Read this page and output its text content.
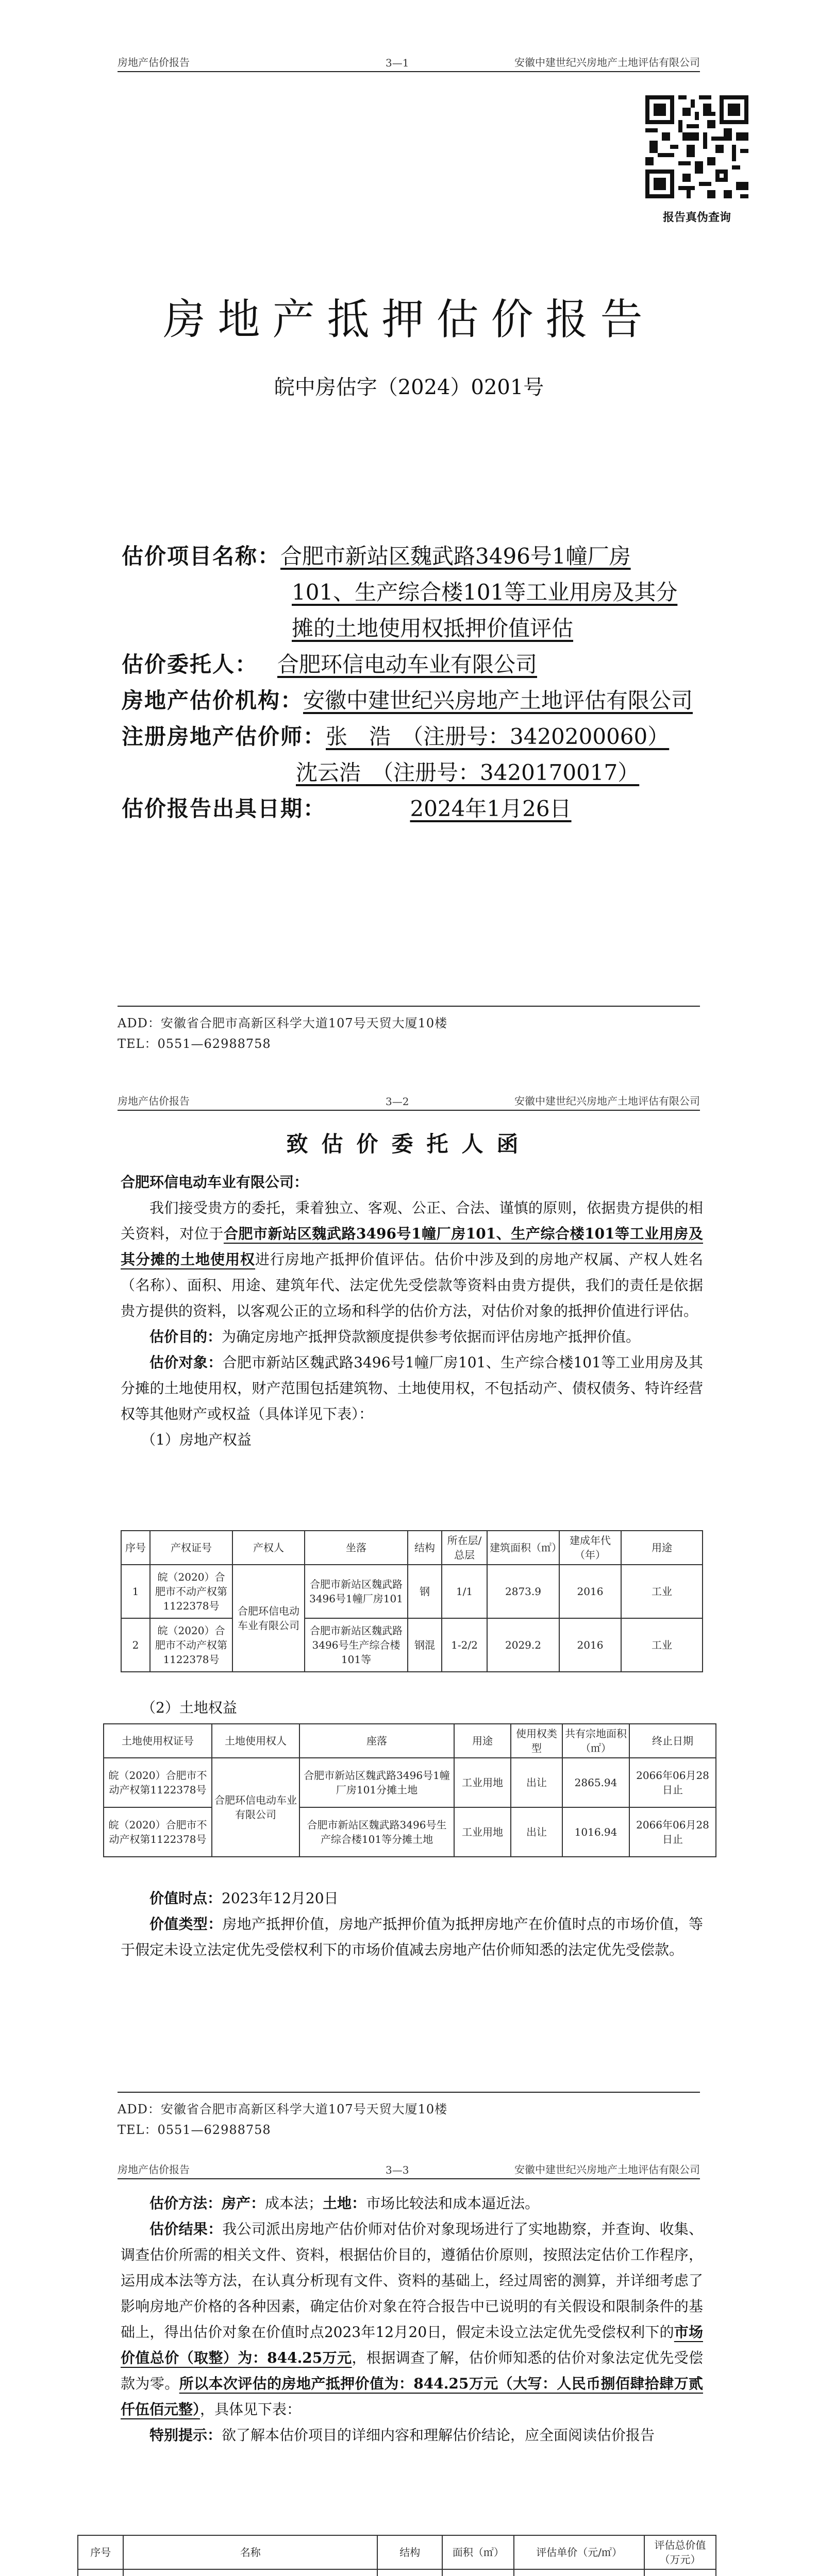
房地产估价报告	3—1	安徽中建世纪兴房地产土地评估有限公司
报告真伪查询
房地产抵押估价报告
皖中房估字（2024）0201号
估价项目名称：合肥市新站区魏武路3496号1幢厂房
101、生产综合楼101等工业用房及其分
摊的土地使用权抵押价值评估
估价委托人： 合肥环信电动车业有限公司
房地产估价机构：安徽中建世纪兴房地产土地评估有限公司
注册房地产估价师：张　浩　（注册号：3420200060）
沈云浩　（注册号：3420170017）
估价报告出具日期：	2024年1月26日
ADD：安徽省合肥市高新区科学大道107号天贸大厦10楼
TEL：0551—62988758
房地产估价报告	3—2	安徽中建世纪兴房地产土地评估有限公司
致估价委托人函
合肥环信电动车业有限公司：

我们接受贵方的委托，秉着独立、客观、公正、合法、谨慎的原则，依据贵方提供的相关资料，对位于合肥市新站区魏武路3496号1幢厂房101、生产综合楼101等工业用房及其分摊的土地使用权进行房地产抵押价值评估。估价中涉及到的房地产权属、产权人姓名（名称）、面积、用途、建筑年代、法定优先受偿款等资料由贵方提供，我们的责任是依据贵方提供的资料，以客观公正的立场和科学的估价方法，对估价对象的抵押价值进行评估。

估价目的：为确定房地产抵押贷款额度提供参考依据而评估房地产抵押价值。

估价对象：合肥市新站区魏武路3496号1幢厂房101、生产综合楼101等工业用房及其分摊的土地使用权，财产范围包括建筑物、土地使用权，不包括动产、债权债务、特许经营权等其他财产或权益（具体详见下表）：

（1）房地产权益
序号	产权证号	产权人	坐落	结构	所在层/总层	建筑面积（㎡）	建成年代（年）	用途
1	皖（2020）合肥市不动产权第1122378号	合肥环信电动车业有限公司	合肥市新站区魏武路3496号1幢厂房101	钢	1/1	2873.9	2016	工业
2	皖（2020）合肥市不动产权第1122378号		合肥市新站区魏武路3496号生产综合楼101等	钢混	1-2/2	2029.2	2016	工业
（2）土地权益
土地使用权证号	土地使用权人	座落	用途	使用权类型	共有宗地面积（㎡）	终止日期
皖（2020）合肥市不动产权第1122378号	合肥环信电动车业有限公司	合肥市新站区魏武路3496号1幢厂房101分摊土地	工业用地	出让	2865.94	2066年06月28日止
皖（2020）合肥市不动产权第1122378号		合肥市新站区魏武路3496号生产综合楼101等分摊土地	工业用地	出让	1016.94	2066年06月28日止

价值时点：2023年12月20日

价值类型：房地产抵押价值，房地产抵押价值为抵押房地产在价值时点的市场价值，等于假定未设立法定优先受偿权利下的市场价值减去房地产估价师知悉的法定优先受偿款。

ADD：安徽省合肥市高新区科学大道107号天贸大厦10楼
TEL：0551—62988758
房地产估价报告	3—3	安徽中建世纪兴房地产土地评估有限公司

估价方法：房产：成本法；土地：市场比较法和成本逼近法。

估价结果：我公司派出房地产估价师对估价对象现场进行了实地勘察，并查询、收集、调查估价所需的相关文件、资料，根据估价目的，遵循估价原则，按照法定估价工作程序，运用成本法等方法，在认真分析现有文件、资料的基础上，经过周密的测算，并详细考虑了影响房地产价格的各种因素，确定估价对象在符合报告中已说明的有关假设和限制条件的基础上，得出估价对象在价值时点2023年12月20日，假定未设立法定优先受偿权利下的市场价值总价（取整）为：844.25万元，根据调查了解，估价师知悉的估价对象法定优先受偿款为零。所以本次评估的房地产抵押价值为：844.25万元（大写：人民币捌佰肆拾肆万贰仟伍佰元整），具体见下表：

特别提示：欲了解本估价项目的详细内容和理解估价结论，应全面阅读估价报告

序号	名称	结构	面积（㎡）	评估单价（元/㎡）	评估总价值（万元）
